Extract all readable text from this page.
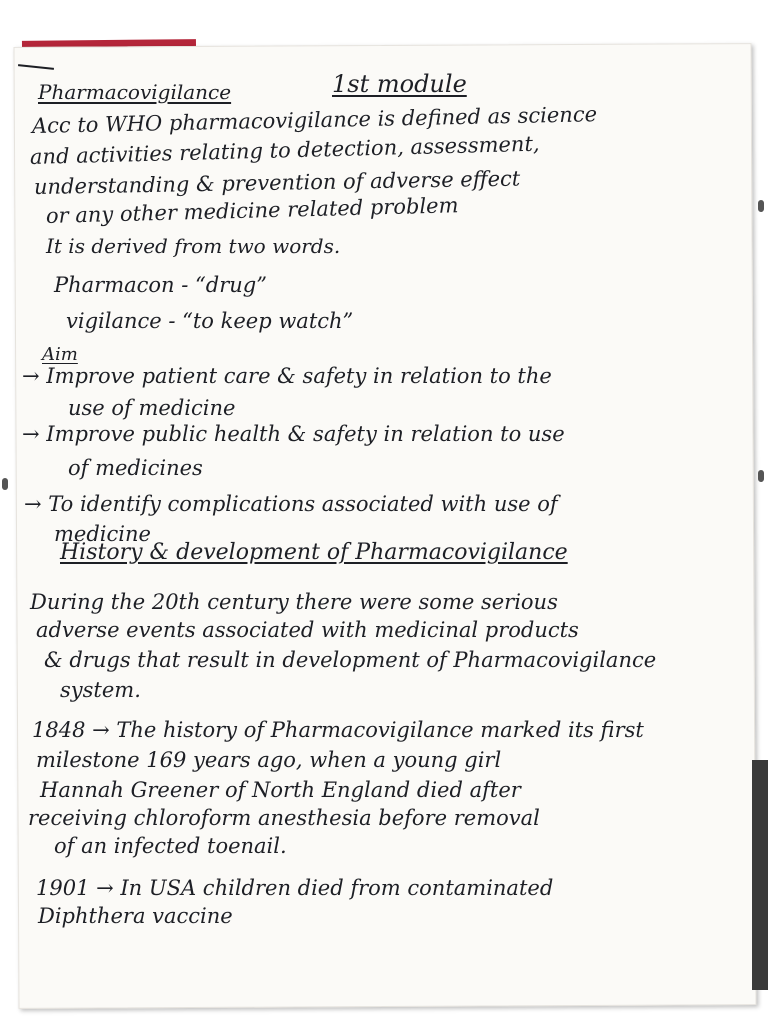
Pharmacovigilance	1st module
Acc to WHO pharmacovigilance is defined as science
and activities relating to detection, assessment,
understanding & prevention of adverse effect
or any other medicine related problem
It is derived from two words.
Pharmacon - “drug”
vigilance - “to keep watch”
Aim
→ Improve patient care & safety in relation to the
use of medicine
→ Improve public health & safety in relation to use
of medicines
→ To identify complications associated with use of
medicine
History & development of Pharmacovigilance
During the 20th century there were some serious
adverse events associated with medicinal products
& drugs that result in development of Pharmacovigilance
system.
1848 → The history of Pharmacovigilance marked its first
milestone 169 years ago, when a young girl
Hannah Greener of North England died after
receiving chloroform anesthesia before removal
of an infected toenail.
1901 → In USA children died from contaminated
Diphthera vaccine
